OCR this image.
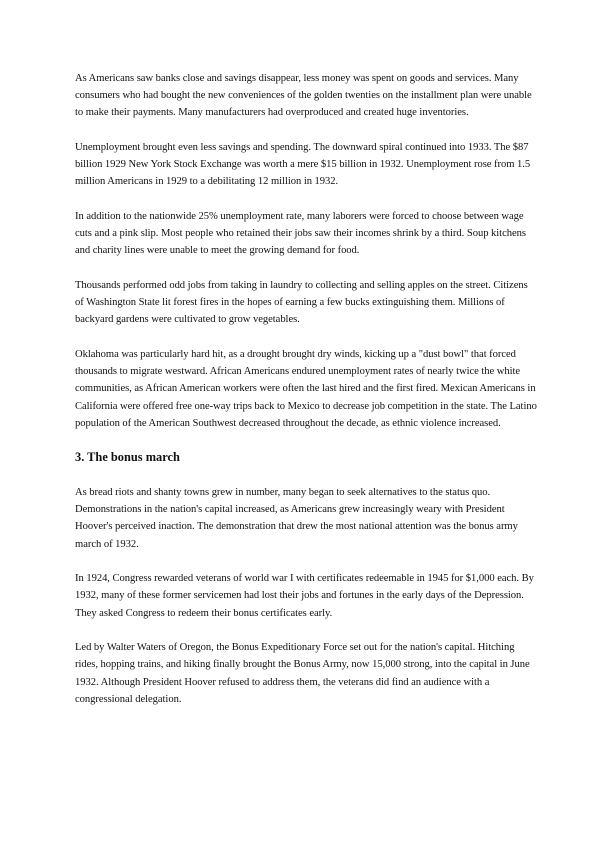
As Americans saw banks close and savings disappear, less money was spent on goods and services. Many consumers who had bought the new conveniences of the golden twenties on the installment plan were unable to make their payments. Many manufacturers had overproduced and created huge inventories.

Unemployment brought even less savings and spending. The downward spiral continued into 1933. The $87 billion 1929 New York Stock Exchange was worth a mere $15 billion in 1932. Unemployment rose from 1.5 million Americans in 1929 to a debilitating 12 million in 1932.

In addition to the nationwide 25% unemployment rate, many laborers were forced to choose between wage cuts and a pink slip. Most people who retained their jobs saw their incomes shrink by a third. Soup kitchens and charity lines were unable to meet the growing demand for food.

Thousands performed odd jobs from taking in laundry to collecting and selling apples on the street. Citizens of Washington State lit forest fires in the hopes of earning a few bucks extinguishing them. Millions of backyard gardens were cultivated to grow vegetables.

Oklahoma was particularly hard hit, as a drought brought dry winds, kicking up a "dust bowl" that forced thousands to migrate westward. African Americans endured unemployment rates of nearly twice the white communities, as African American workers were often the last hired and the first fired. Mexican Americans in California were offered free one-way trips back to Mexico to decrease job competition in the state. The Latino population of the American Southwest decreased throughout the decade, as ethnic violence increased.

3. The bonus march

As bread riots and shanty towns grew in number, many began to seek alternatives to the status quo. Demonstrations in the nation's capital increased, as Americans grew increasingly weary with President Hoover's perceived inaction. The demonstration that drew the most national attention was the bonus army march of 1932.

In 1924, Congress rewarded veterans of world war I with certificates redeemable in 1945 for $1,000 each. By 1932, many of these former servicemen had lost their jobs and fortunes in the early days of the Depression. They asked Congress to redeem their bonus certificates early.

Led by Walter Waters of Oregon, the Bonus Expeditionary Force set out for the nation's capital. Hitching rides, hopping trains, and hiking finally brought the Bonus Army, now 15,000 strong, into the capital in June 1932. Although President Hoover refused to address them, the veterans did find an audience with a congressional delegation.
